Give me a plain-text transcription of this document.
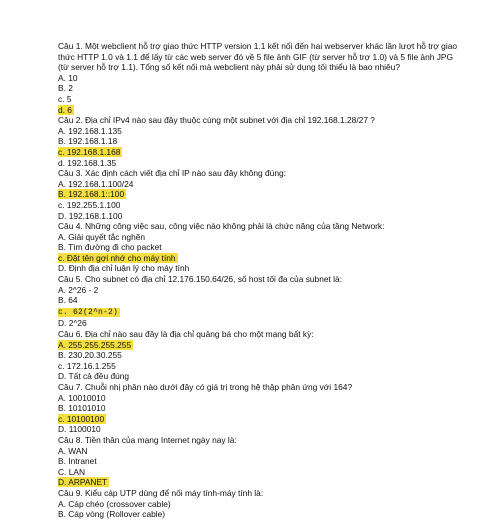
Câu 1. Một webclient hỗ trợ giao thức HTTP version 1.1 kết nối đến hai webserver khác lần lượt hỗ trợ giao thức HTTP 1.0 và 1.1 để lấy từ các web server đó về 5 file ảnh GIF (từ server hỗ trợ 1.0) và 5 file ảnh JPG (từ server hỗ trợ 1.1). Tổng số kết nối mà webclient này phải sử dụng tối thiểu là bao nhiêu?
A. 10
B. 2
c. 5
d. 6
Câu 2. Địa chỉ IPv4 nào sau đây thuộc cùng một subnet với địa chỉ 192.168.1.28/27 ?
A. 192.168.1.135
B. 192.168.1.18
c. 192.168.1.168
d. 192.168.1.35
Câu 3. Xác định cách viết địa chỉ IP nào sau đây không đúng:
A. 192.168.1.100/24
B. 192.168.1::100
c. 192.255.1.100
D. 192.168.1.100
Câu 4. Những công việc sau, công việc nào không phải là chức năng của tầng Network:
A. Giải quyết tắc nghẽn
B. Tìm đường đi cho packet
c. Đặt tên gợi nhớ cho máy tính
D. Định địa chỉ luận lý cho máy tính
Câu 5. Cho subnet có địa chỉ 12.176.150.64/26, số host tối đa của subnet là:
A. 2^26 - 2
B. 64
c. 62(2^n-2)
D. 2^26
Câu 6. Địa chỉ nào sau đây là địa chỉ quảng bá cho một mạng bất kỳ:
A. 255.255.255.255
B. 230.20.30.255
c. 172.16.1.255
D. Tất cả đều đúng
Câu 7. Chuỗi nhị phân nào dưới đây có giá trị trong hệ thập phân ứng với 164?
A. 10010010
B. 10101010
c. 10100100
D. 1100010
Câu 8. Tiền thân của mạng Internet ngày nay là:
A. WAN
B. Intranet
C. LAN
D. ARPANET
Câu 9. Kiểu cáp UTP dùng để nối máy tính-máy tính là:
A. Cáp chéo (crossover cable)
B. Cáp vòng (Rollover cable)
